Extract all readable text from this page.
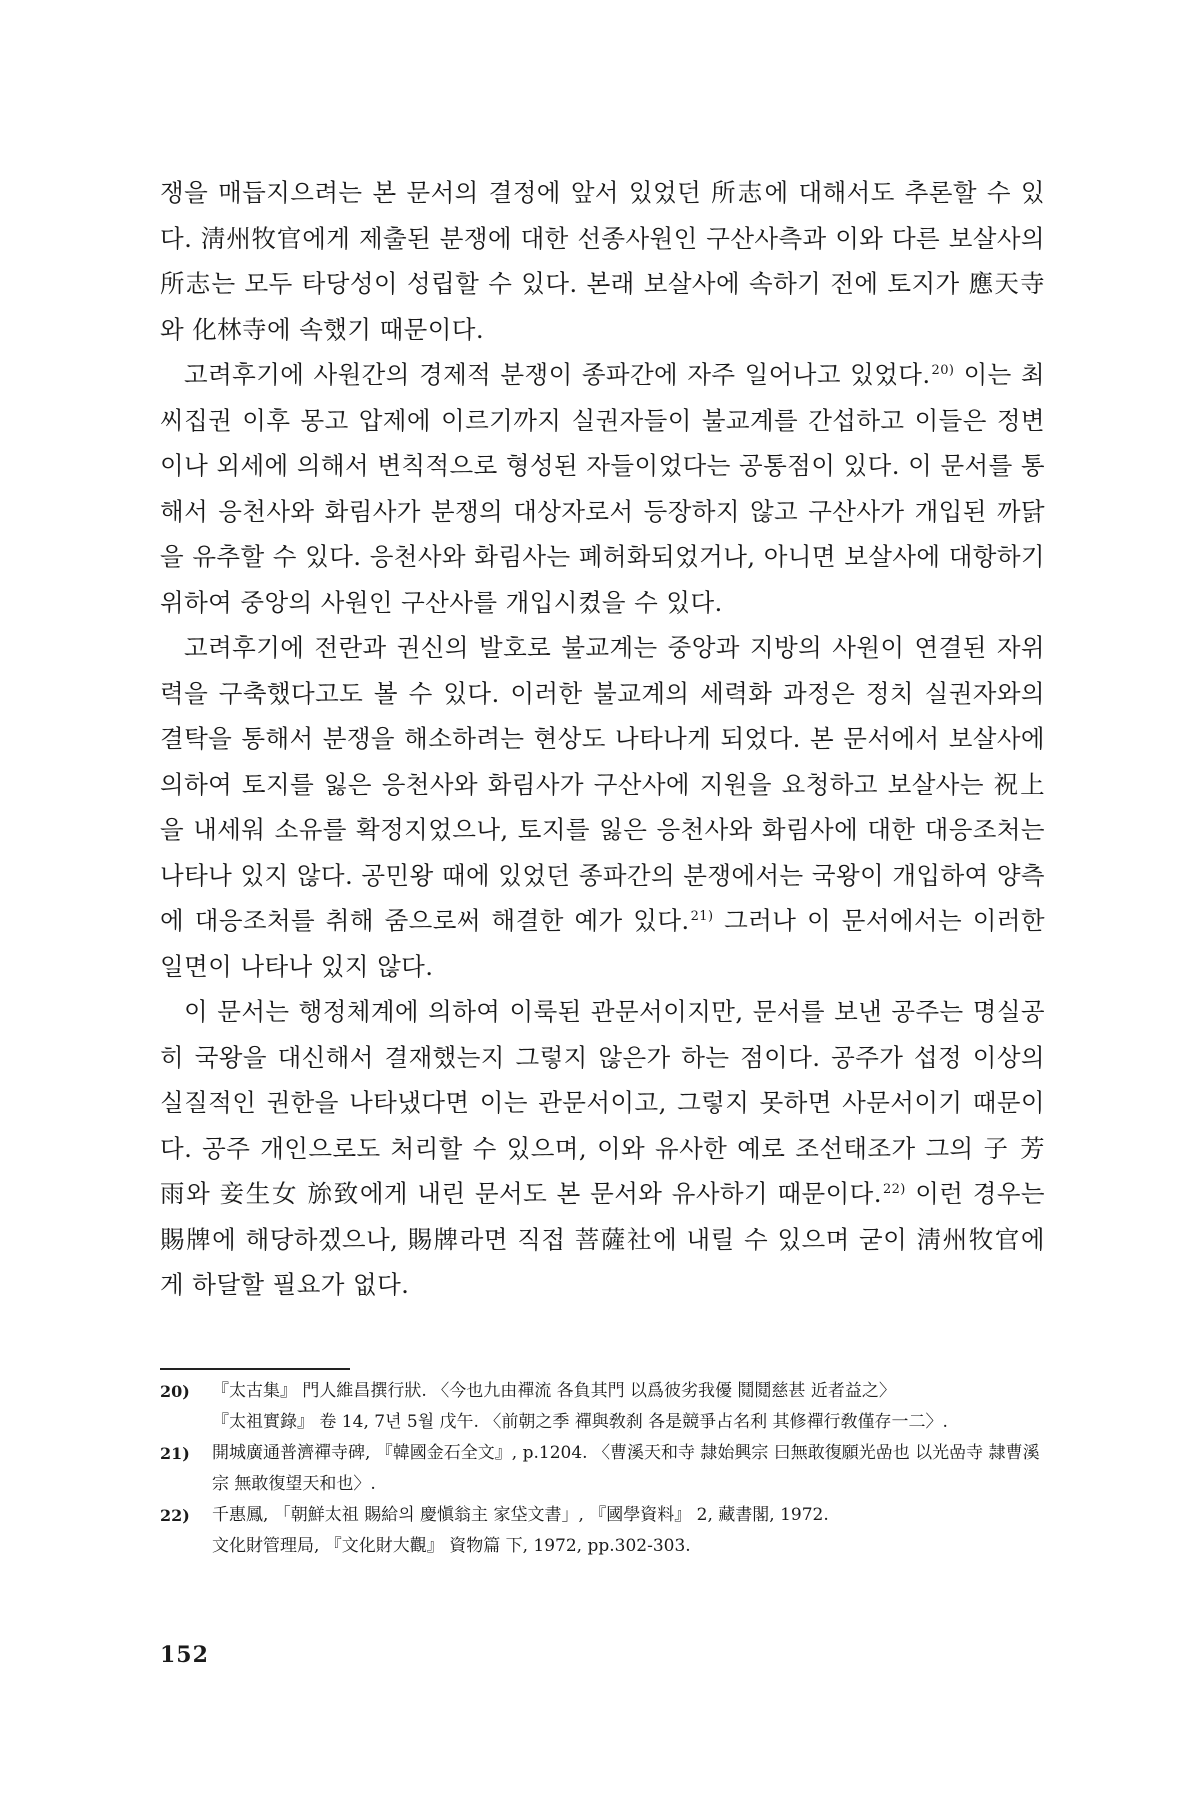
쟁을 매듭지으려는 본 문서의 결정에 앞서 있었던 所志에 대해서도 추론할 수 있다. 淸州牧官에게 제출된 분쟁에 대한 선종사원인 구산사측과 이와 다른 보살사의 所志는 모두 타당성이 성립할 수 있다. 본래 보살사에 속하기 전에 토지가 應天寺와 化林寺에 속했기 때문이다.

고려후기에 사원간의 경제적 분쟁이 종파간에 자주 일어나고 있었다.$^{20)}$ 이는 최씨집권 이후 몽고 압제에 이르기까지 실권자들이 불교계를 간섭하고 이들은 정변이나 외세에 의해서 변칙적으로 형성된 자들이었다는 공통점이 있다. 이 문서를 통해서 응천사와 화림사가 분쟁의 대상자로서 등장하지 않고 구산사가 개입된 까닭을 유추할 수 있다. 응천사와 화림사는 폐허화되었거나, 아니면 보살사에 대항하기 위하여 중앙의 사원인 구산사를 개입시켰을 수 있다.

고려후기에 전란과 권신의 발호로 불교계는 중앙과 지방의 사원이 연결된 자위력을 구축했다고도 볼 수 있다. 이러한 불교계의 세력화 과정은 정치 실권자와의 결탁을 통해서 분쟁을 해소하려는 현상도 나타나게 되었다. 본 문서에서 보살사에 의하여 토지를 잃은 응천사와 화림사가 구산사에 지원을 요청하고 보살사는 祝上을 내세워 소유를 확정지었으나, 토지를 잃은 응천사와 화림사에 대한 대응조처는 나타나 있지 않다. 공민왕 때에 있었던 종파간의 분쟁에서는 국왕이 개입하여 양측에 대응조처를 취해 줌으로써 해결한 예가 있다.$^{21)}$ 그러나 이 문서에서는 이러한 일면이 나타나 있지 않다.

이 문서는 행정체계에 의하여 이룩된 관문서이지만, 문서를 보낸 공주는 명실공히 국왕을 대신해서 결재했는지 그렇지 않은가 하는 점이다. 공주가 섭정 이상의 실질적인 권한을 나타냈다면 이는 관문서이고, 그렇지 못하면 사문서이기 때문이다. 공주 개인으로도 처리할 수 있으며, 이와 유사한 예로 조선태조가 그의 子 芳雨와 妾生女 旀致에게 내린 문서도 본 문서와 유사하기 때문이다.$^{22)}$ 이런 경우는 賜牌에 해당하겠으나, 賜牌라면 직접 菩薩社에 내릴 수 있으며 굳이 淸州牧官에게 하달할 필요가 없다.

20)	『太古集』 門人維昌撰行狀. 〈今也九由禪流 各負其門 以爲彼劣我優 鬩鬩慈甚 近者益之〉
『太祖實錄』 卷 14, 7년 5월 戊午. 〈前朝之季 禪與敎刹 各是競爭占名利 其修禪行敎僅存一二〉.
21)	開城廣通普濟禪寺碑, 『韓國金石全文』, p.1204. 〈曹溪天和寺 隷始興宗 曰無敢復願光嵒也 以光嵒寺 隷曹溪宗 無敢復望天和也〉.
22)	千惠鳳, 「朝鮮太祖 賜給의 慶愼翁主 家垈文書」, 『國學資料』 2, 藏書閣, 1972.
文化財管理局, 『文化財大觀』 資物篇 下, 1972, pp.302-303.
152
